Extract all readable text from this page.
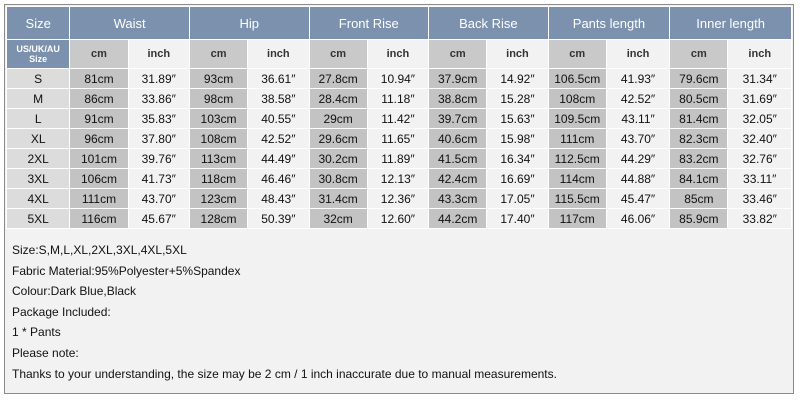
Size	Waist		Hip		Front Rise		Back Rise		Pants length		Inner length	

US/UK/AU
Size	cm	inch	cm	inch	cm	inch	cm	inch	cm	inch	cm	inch
S	81cm	31.89″	93cm	36.61″	27.8cm	10.94″	37.9cm	14.92″	106.5cm	41.93″	79.6cm	31.34″
M	86cm	33.86″	98cm	38.58″	28.4cm	11.18″	38.8cm	15.28″	108cm	42.52″	80.5cm	31.69″
L	91cm	35.83″	103cm	40.55″	29cm	11.42″	39.7cm	15.63″	109.5cm	43.11″	81.4cm	32.05″
XL	96cm	37.80″	108cm	42.52″	29.6cm	11.65″	40.6cm	15.98″	111cm	43.70″	82.3cm	32.40″
2XL	101cm	39.76″	113cm	44.49″	30.2cm	11.89″	41.5cm	16.34″	112.5cm	44.29″	83.2cm	32.76″
3XL	106cm	41.73″	118cm	46.46″	30.8cm	12.13″	42.4cm	16.69″	114cm	44.88″	84.1cm	33.11″
4XL	111cm	43.70″	123cm	48.43″	31.4cm	12.36″	43.3cm	17.05″	115.5cm	45.47″	85cm	33.46″
5XL	116cm	45.67″	128cm	50.39″	32cm	12.60″	44.2cm	17.40″	117cm	46.06″	85.9cm	33.82″
Size:S,M,L,XL,2XL,3XL,4XL,5XL
Fabric Material:95%Polyester+5%Spandex
Colour:Dark Blue,Black
Package Included:
1 * Pants
Please note:
Thanks to your understanding, the size may be 2 cm / 1 inch inaccurate due to manual measurements.
